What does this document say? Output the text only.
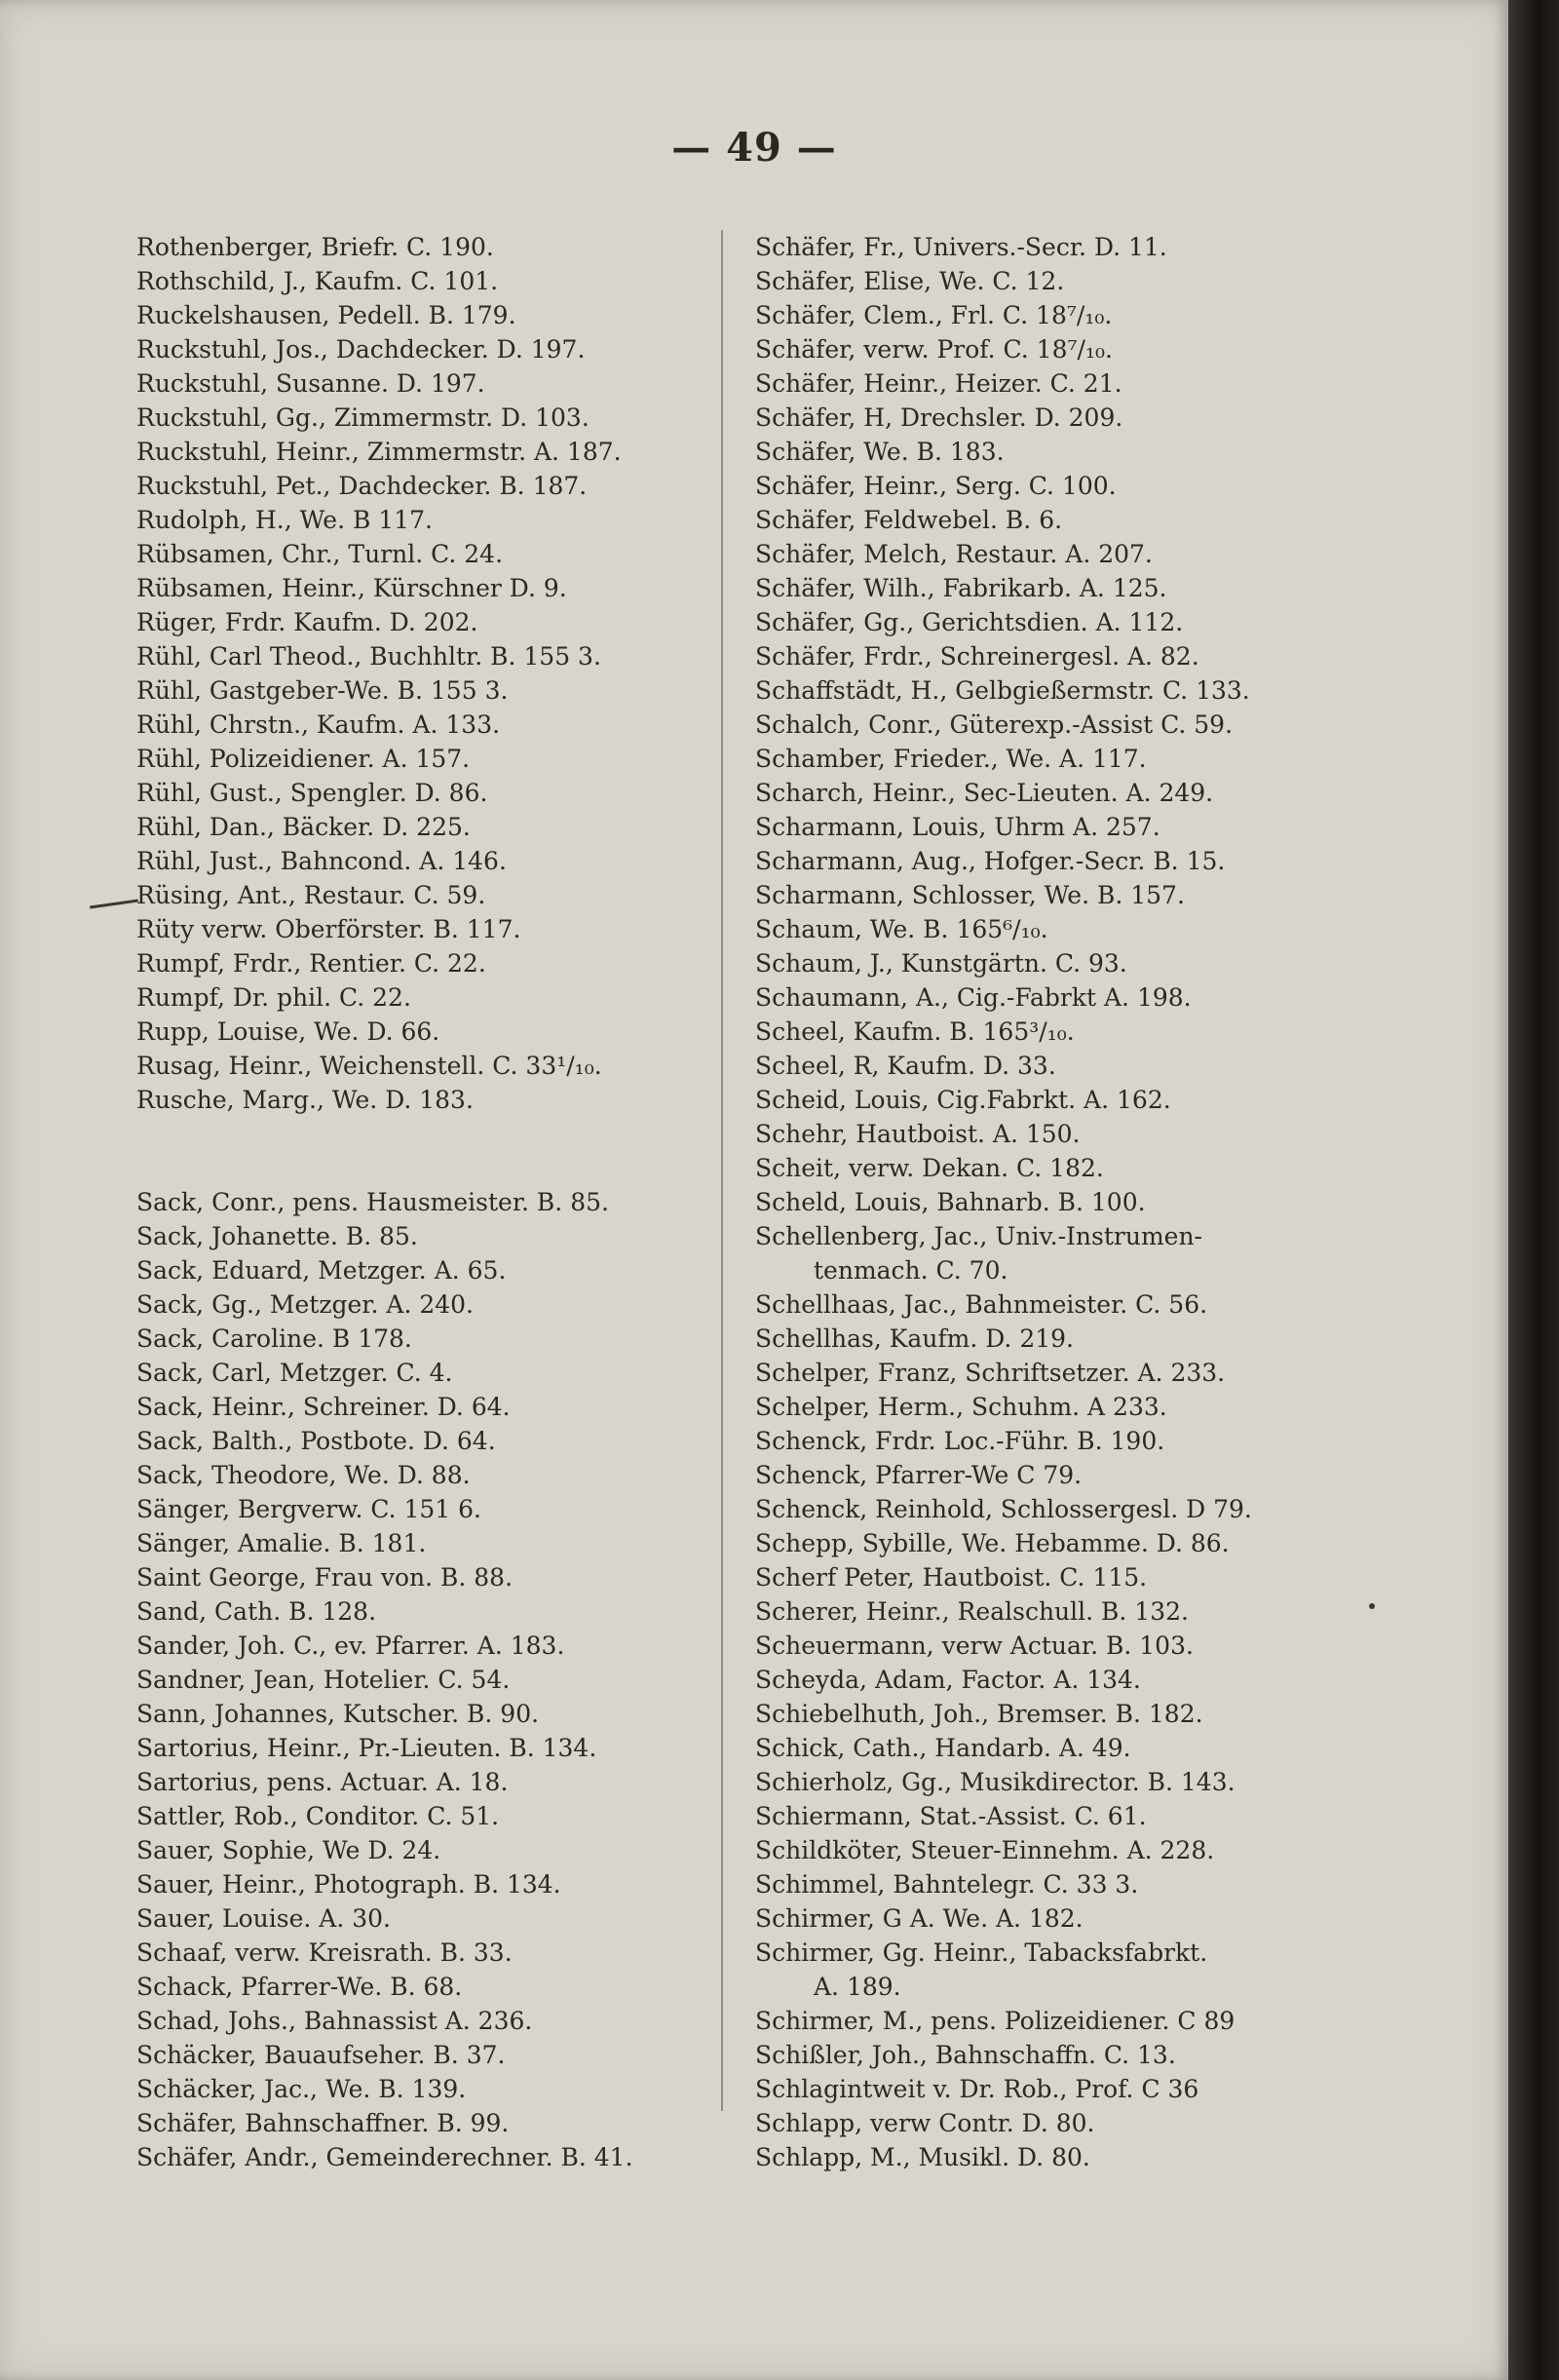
— 49 —
Rothenberger, Briefr. C. 190.
Rothschild, J., Kaufm. C. 101.
Ruckelshausen, Pedell. B. 179.
Ruckstuhl, Jos., Dachdecker. D. 197.
Ruckstuhl, Susanne. D. 197.
Ruckstuhl, Gg., Zimmermstr. D. 103.
Ruckstuhl, Heinr., Zimmermstr. A. 187.
Ruckstuhl, Pet., Dachdecker. B. 187.
Rudolph, H., We. B 117.
Rübsamen, Chr., Turnl. C. 24.
Rübsamen, Heinr., Kürschner D. 9.
Rüger, Frdr. Kaufm. D. 202.
Rühl, Carl Theod., Buchhltr. B. 155 3.
Rühl, Gastgeber-We. B. 155 3.
Rühl, Chrstn., Kaufm. A. 133.
Rühl, Polizeidiener. A. 157.
Rühl, Gust., Spengler. D. 86.
Rühl, Dan., Bäcker. D. 225.
Rühl, Just., Bahncond. A. 146.
Rüsing, Ant., Restaur. C. 59.
Rüty verw. Oberförster. B. 117.
Rumpf, Frdr., Rentier. C. 22.
Rumpf, Dr. phil. C. 22.
Rupp, Louise, We. D. 66.
Rusag, Heinr., Weichenstell. C. 33¹/₁₀.
Rusche, Marg., We. D. 183.
Sack, Conr., pens. Hausmeister. B. 85.
Sack, Johanette. B. 85.
Sack, Eduard, Metzger. A. 65.
Sack, Gg., Metzger. A. 240.
Sack, Caroline. B 178.
Sack, Carl, Metzger. C. 4.
Sack, Heinr., Schreiner. D. 64.
Sack, Balth., Postbote. D. 64.
Sack, Theodore, We. D. 88.
Sänger, Bergverw. C. 151 6.
Sänger, Amalie. B. 181.
Saint George, Frau von. B. 88.
Sand, Cath. B. 128.
Sander, Joh. C., ev. Pfarrer. A. 183.
Sandner, Jean, Hotelier. C. 54.
Sann, Johannes, Kutscher. B. 90.
Sartorius, Heinr., Pr.-Lieuten. B. 134.
Sartorius, pens. Actuar. A. 18.
Sattler, Rob., Conditor. C. 51.
Sauer, Sophie, We D. 24.
Sauer, Heinr., Photograph. B. 134.
Sauer, Louise. A. 30.
Schaaf, verw. Kreisrath. B. 33.
Schack, Pfarrer-We. B. 68.
Schad, Johs., Bahnassist A. 236.
Schäcker, Bauaufseher. B. 37.
Schäcker, Jac., We. B. 139.
Schäfer, Bahnschaffner. B. 99.
Schäfer, Andr., Gemeinderechner. B. 41.
Schäfer, Fr., Univers.-Secr. D. 11.
Schäfer, Elise, We. C. 12.
Schäfer, Clem., Frl. C. 18⁷/₁₀.
Schäfer, verw. Prof. C. 18⁷/₁₀.
Schäfer, Heinr., Heizer. C. 21.
Schäfer, H, Drechsler. D. 209.
Schäfer, We. B. 183.
Schäfer, Heinr., Serg. C. 100.
Schäfer, Feldwebel. B. 6.
Schäfer, Melch, Restaur. A. 207.
Schäfer, Wilh., Fabrikarb. A. 125.
Schäfer, Gg., Gerichtsdien. A. 112.
Schäfer, Frdr., Schreinergesl. A. 82.
Schaffstädt, H., Gelbgießermstr. C. 133.
Schalch, Conr., Güterexp.-Assist C. 59.
Schamber, Frieder., We. A. 117.
Scharch, Heinr., Sec-Lieuten. A. 249.
Scharmann, Louis, Uhrm A. 257.
Scharmann, Aug., Hofger.-Secr. B. 15.
Scharmann, Schlosser, We. B. 157.
Schaum, We. B. 165⁶/₁₀.
Schaum, J., Kunstgärtn. C. 93.
Schaumann, A., Cig.-Fabrkt A. 198.
Scheel, Kaufm. B. 165³/₁₀.
Scheel, R, Kaufm. D. 33.
Scheid, Louis, Cig.Fabrkt. A. 162.
Schehr, Hautboist. A. 150.
Scheit, verw. Dekan. C. 182.
Scheld, Louis, Bahnarb. B. 100.
Schellenberg, Jac., Univ.-Instrumen-
tenmach. C. 70.
Schellhaas, Jac., Bahnmeister. C. 56.
Schellhas, Kaufm. D. 219.
Schelper, Franz, Schriftsetzer. A. 233.
Schelper, Herm., Schuhm. A 233.
Schenck, Frdr. Loc.-Führ. B. 190.
Schenck, Pfarrer-We C 79.
Schenck, Reinhold, Schlossergesl. D 79.
Schepp, Sybille, We. Hebamme. D. 86.
Scherf Peter, Hautboist. C. 115.
Scherer, Heinr., Realschull. B. 132.
Scheuermann, verw Actuar. B. 103.
Scheyda, Adam, Factor. A. 134.
Schiebelhuth, Joh., Bremser. B. 182.
Schick, Cath., Handarb. A. 49.
Schierholz, Gg., Musikdirector. B. 143.
Schiermann, Stat.-Assist. C. 61.
Schildköter, Steuer-Einnehm. A. 228.
Schimmel, Bahntelegr. C. 33 3.
Schirmer, G A. We. A. 182.
Schirmer, Gg. Heinr., Tabacksfabrkt.
A. 189.
Schirmer, M., pens. Polizeidiener. C 89
Schißler, Joh., Bahnschaffn. C. 13.
Schlagintweit v. Dr. Rob., Prof. C 36
Schlapp, verw Contr. D. 80.
Schlapp, M., Musikl. D. 80.
